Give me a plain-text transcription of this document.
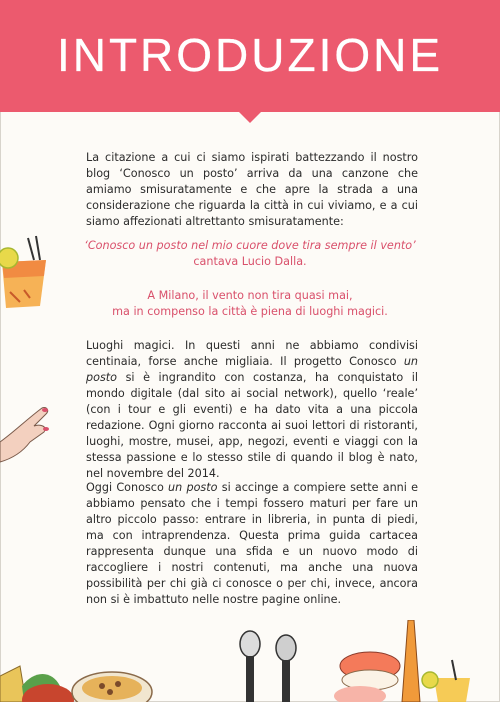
INTRODUZIONE

La citazione a cui ci siamo ispirati battezzando il nostro blog ‘Conosco un posto’ arriva da una canzone che amiamo smisuratamente e che apre la strada a una considerazione che riguarda la città in cui viviamo, e a cui siamo affezionati altrettanto smisuratamente:

‘Conosco un posto nel mio cuore dove tira sempre il vento’
cantava Lucio Dalla.

A Milano, il vento non tira quasi mai,
ma in compenso la città è piena di luoghi magici.

Luoghi magici. In questi anni ne abbiamo condivisi centinaia, forse anche migliaia. Il progetto Conosco un posto si è ingrandito con costanza, ha conquistato il mondo digitale (dal sito ai social network), quello ‘reale’ (con i tour e gli eventi) e ha dato vita a una piccola redazione. Ogni giorno racconta ai suoi lettori di ristoranti, luoghi, mostre, musei, app, negozi, eventi e viaggi con la stessa passione e lo stesso stile di quando il blog è nato, nel novembre del 2014.

Oggi Conosco un posto si accinge a compiere sette anni e abbiamo pensato che i tempi fossero maturi per fare un altro piccolo passo: entrare in libreria, in punta di piedi, ma con intraprendenza. Questa prima guida cartacea rappresenta dunque una sfida e un nuovo modo di raccogliere i nostri contenuti, ma anche una nuova possibilità per chi già ci conosce o per chi, invece, ancora non si è imbattuto nelle nostre pagine online.
